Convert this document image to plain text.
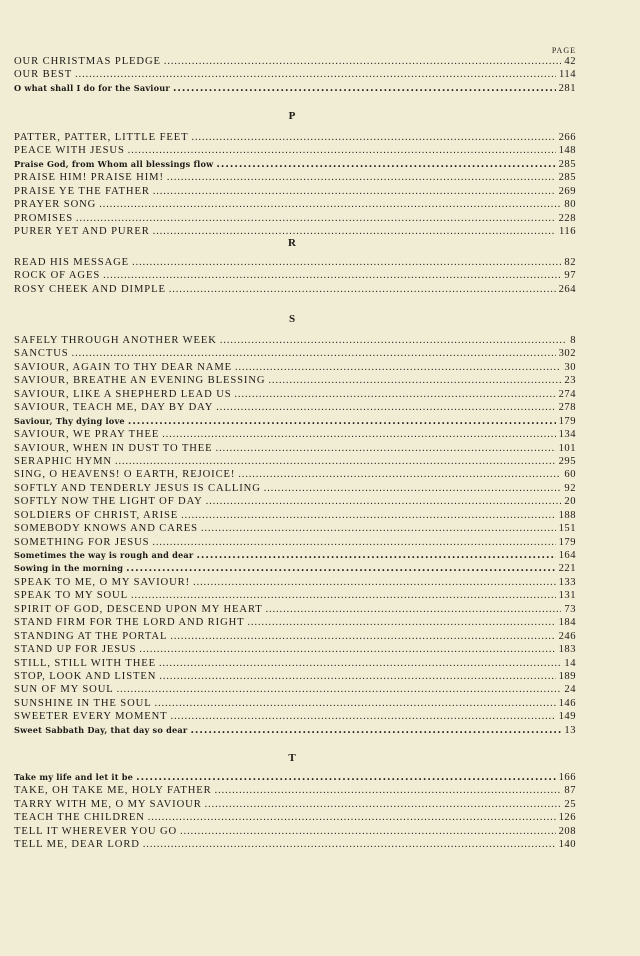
PAGE
OUR CHRISTMAS PLEDGE .....	42
OUR BEST .....	114
O what shall I do for the Saviour .....	281
P
PATTER, PATTER, LITTLE FEET .....	266
PEACE WITH JESUS .....	148
Praise God, from Whom all blessings flow .....	285
PRAISE HIM! PRAISE HIM! .....	285
PRAISE YE THE FATHER .....	269
PRAYER SONG .....	80
PROMISES .....	228
PURER YET AND PURER .....	116
R
READ HIS MESSAGE .....	82
ROCK OF AGES .....	97
ROSY CHEEK AND DIMPLE .....	264
S
SAFELY THROUGH ANOTHER WEEK .....	8
SANCTUS .....	302
SAVIOUR, AGAIN TO THY DEAR NAME .....	30
SAVIOUR, BREATHE AN EVENING BLESSING .....	23
SAVIOUR, LIKE A SHEPHERD LEAD US .....	274
SAVIOUR, TEACH ME, DAY BY DAY .....	278
Saviour, Thy dying love .....	179
SAVIOUR, WE PRAY THEE .....	134
SAVIOUR, WHEN IN DUST TO THEE .....	101
SERAPHIC HYMN .....	295
SING, O HEAVENS! O EARTH, REJOICE! .....	60
SOFTLY AND TENDERLY JESUS IS CALLING .....	92
SOFTLY NOW THE LIGHT OF DAY .....	20
SOLDIERS OF CHRIST, ARISE .....	188
SOMEBODY KNOWS AND CARES .....	151
SOMETHING FOR JESUS .....	179
Sometimes the way is rough and dear .....	164
Sowing in the morning .....	221
SPEAK TO ME, O MY SAVIOUR! .....	133
SPEAK TO MY SOUL .....	131
SPIRIT OF GOD, DESCEND UPON MY HEART .....	73
STAND FIRM FOR THE LORD AND RIGHT .....	184
STANDING AT THE PORTAL .....	246
STAND UP FOR JESUS .....	183
STILL, STILL WITH THEE .....	14
STOP, LOOK AND LISTEN .....	189
SUN OF MY SOUL .....	24
SUNSHINE IN THE SOUL .....	146
SWEETER EVERY MOMENT .....	149
Sweet Sabbath Day, that day so dear .....	13
T
Take my life and let it be .....	166
TAKE, OH TAKE ME, HOLY FATHER .....	87
TARRY WITH ME, O MY SAVIOUR .....	25
TEACH THE CHILDREN .....	126
TELL IT WHEREVER YOU GO .....	208
TELL ME, DEAR LORD .....	140
